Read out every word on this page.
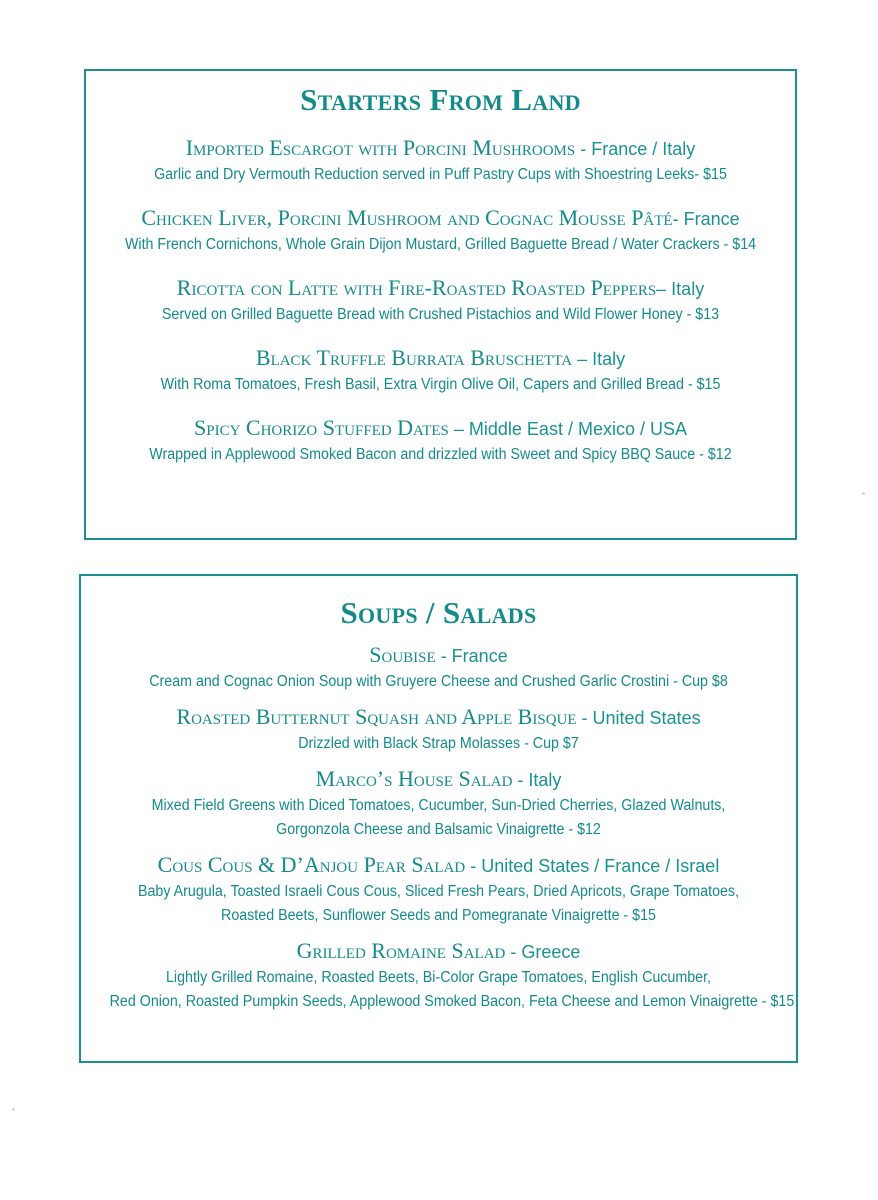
Starters From Land
Imported Escargot with Porcini Mushrooms - France / Italy
Garlic and Dry Vermouth Reduction served in Puff Pastry Cups with Shoestring Leeks- $15
Chicken Liver, Porcini Mushroom and Cognac Mousse Pâté- France
With French Cornichons, Whole Grain Dijon Mustard, Grilled Baguette Bread / Water Crackers - $14
Ricotta con Latte with Fire-Roasted Roasted Peppers– Italy
Served on Grilled Baguette Bread with Crushed Pistachios and Wild Flower Honey - $13
Black Truffle Burrata Bruschetta – Italy
With Roma Tomatoes, Fresh Basil, Extra Virgin Olive Oil, Capers and Grilled Bread - $15
Spicy Chorizo Stuffed Dates – Middle East / Mexico / USA
Wrapped in Applewood Smoked Bacon and drizzled with Sweet and Spicy BBQ Sauce - $12
Soups / Salads
Soubise - France
Cream and Cognac Onion Soup with Gruyere Cheese and Crushed Garlic Crostini - Cup $8
Roasted Butternut Squash and Apple Bisque - United States
Drizzled with Black Strap Molasses - Cup $7
Marco’s House Salad - Italy
Mixed Field Greens with Diced Tomatoes, Cucumber, Sun-Dried Cherries, Glazed Walnuts,
Gorgonzola Cheese and Balsamic Vinaigrette - $12
Cous Cous & D’Anjou Pear Salad - United States / France / Israel
Baby Arugula, Toasted Israeli Cous Cous, Sliced Fresh Pears, Dried Apricots, Grape Tomatoes,
Roasted Beets, Sunflower Seeds and Pomegranate Vinaigrette - $15
Grilled Romaine Salad - Greece
Lightly Grilled Romaine, Roasted Beets, Bi-Color Grape Tomatoes, English Cucumber,
Red Onion, Roasted Pumpkin Seeds, Applewood Smoked Bacon, Feta Cheese and Lemon Vinaigrette - $15
